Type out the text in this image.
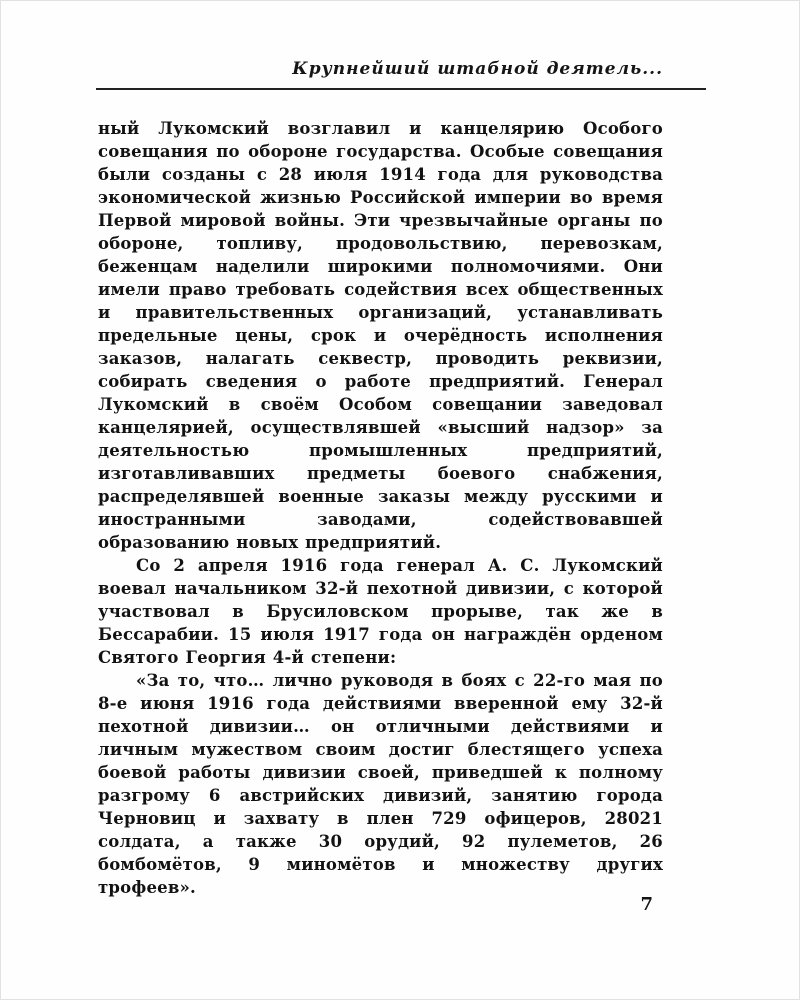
Крупнейший штабной деятель...

ный Лукомский возглавил и канцелярию Особого совещания по обороне государства. Особые совещания были созданы с 28 июля 1914 года для руководства экономической жизнью Российской империи во время Первой мировой войны. Эти чрезвычайные органы по обороне, топливу, продовольствию, перевозкам, беженцам наделили широкими полномочиями. Они имели право требовать содействия всех общественных и правительственных организаций, устанавливать предельные цены, срок и очерёдность исполнения заказов, налагать секвестр, проводить реквизии, собирать сведения о работе предприятий. Генерал Лукомский в своём Особом совещании заведовал канцелярией, осуществлявшей «высший надзор» за деятельностью промышленных предприятий, изготавливавших предметы боевого снабжения, распределявшей военные заказы между русскими и иностранными заводами, содействовавшей образованию новых предприятий.

Со 2 апреля 1916 года генерал А. С. Лукомский воевал начальником 32-й пехотной дивизии, с которой участвовал в Брусиловском прорыве, так же в Бессарабии. 15 июля 1917 года он награждён орденом Святого Георгия 4-й степени:

«За то, что… лично руководя в боях с 22-го мая по 8-е июня 1916 года действиями вверенной ему 32-й пехотной дивизии… он отличными действиями и личным мужеством своим достиг блестящего успеха боевой работы дивизии своей, приведшей к полному разгрому 6 австрийских дивизий, занятию города Черновиц и захвату в плен 729 офицеров, 28021 солдата, а также 30 орудий, 92 пулеметов, 26 бомбомётов, 9 миномётов и множеству других трофеев».

7
